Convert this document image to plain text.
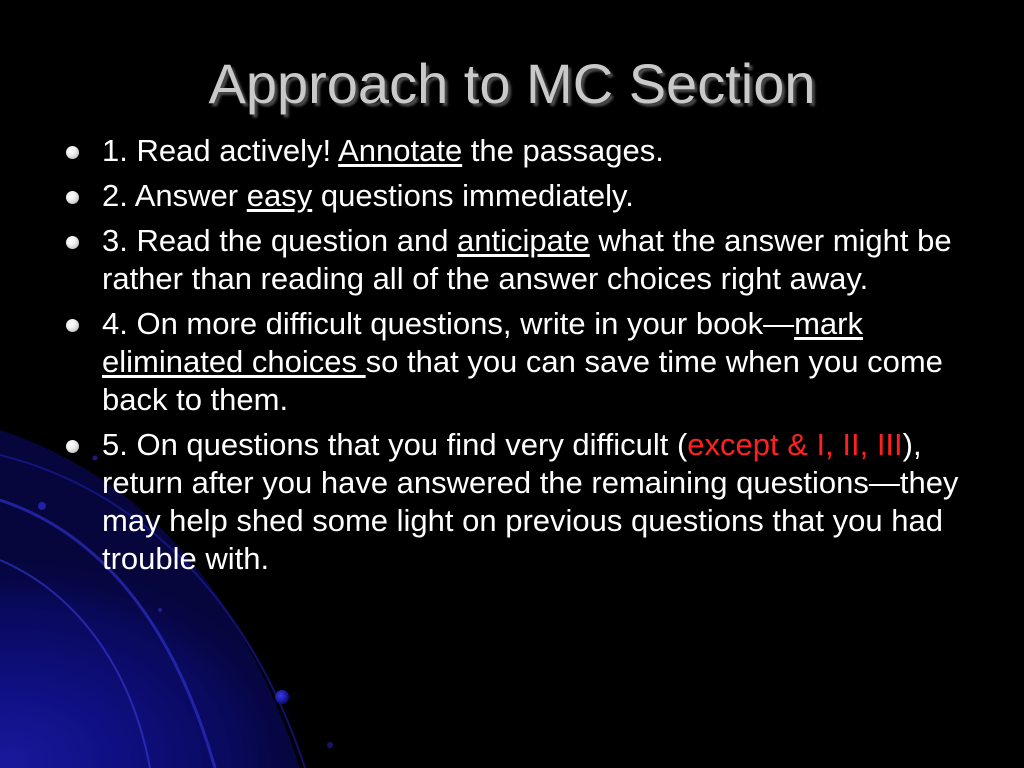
Approach to MC Section
1. Read actively! Annotate the passages.
2. Answer easy questions immediately.
3. Read the question and anticipate what the answer might be rather than reading all of the answer choices right away.
4. On more difficult questions, write in your book—mark eliminated choices so that you can save time when you come back to them.
5. On questions that you find very difficult (except & I, II, III), return after you have answered the remaining questions—they may help shed some light on previous questions that you had trouble with.
